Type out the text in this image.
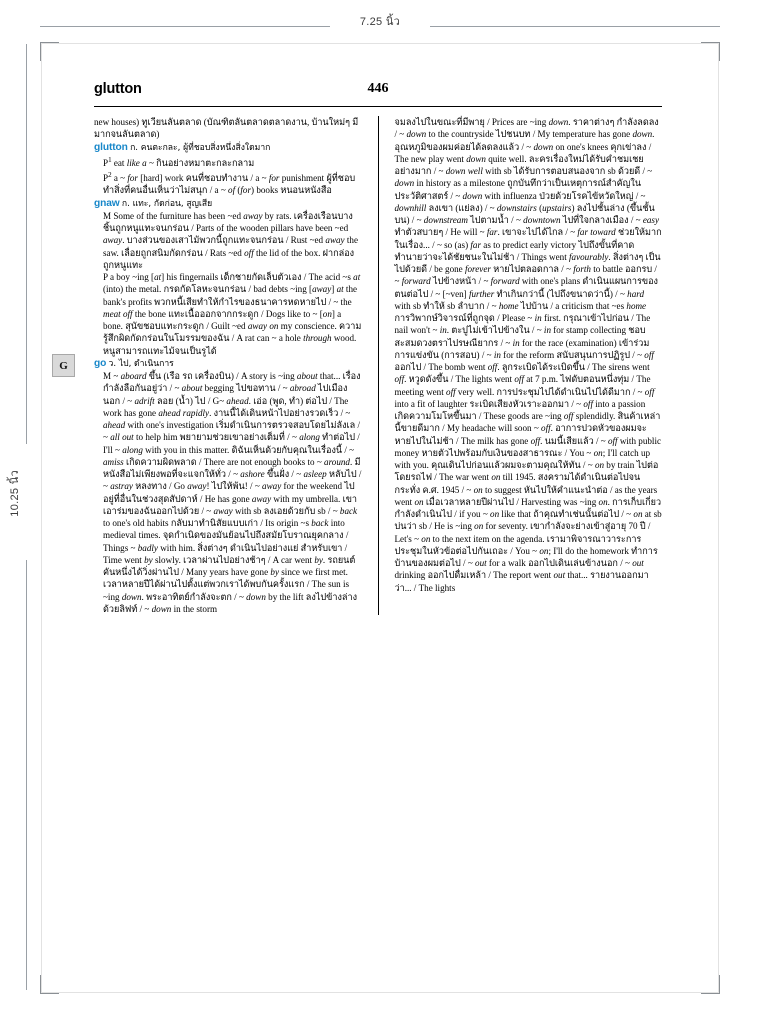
7.25 นิ้ว
10.25 นิ้ว
G
glutton	446

new houses) ทูเวียนลันตลาด (บัณฑิตลันตลาดตลาดงาน, บ้านใหม่ๆ มีมากจนลันตลาด)

glutton ก. คนตะกละ, ผู้ที่ชอบสิ่งหนึ่งสิ่งใดมาก

$P^1$ eat like a ~ กินอย่างหมาตะกละกลาม

$P^2$ a ~ for [hard] work คนที่ชอบทำงาน / a ~ for punishment ผู้ที่ชอบทำสิ่งที่คนอื่นเห็นว่าไม่สนุก / a ~ of (for) books หนอนหนังสือ

gnaw ก. แทะ, กัดก่อน, สูญเสีย

M Some of the furniture has been ~ed away by rats. เครื่องเรือนบางชิ้นถูกหนูแทะจนกร่อน / Parts of the wooden pillars have been ~ed away. บางส่วนของเสาไม้พวกนี้ถูกแทะจนกร่อน / Rust ~ed away the saw. เลื่อยถูกสนิมกัดกร่อน / Rats ~ed off the lid of the box. ฝากล่องถูกหนูแทะ

P a boy ~ing [at] his fingernails เด็กชายกัดเล็บตัวเอง / The acid ~s at (into) the metal. กรดกัดโลหะจนกร่อน / bad debts ~ing [away] at the bank's profits พวกหนี้เสียทำให้กำไรของธนาคารหดหายไป / ~ the meat off the bone แทะเนื้อออกจากกระดูก / Dogs like to ~ [on] a bone. สุนัขชอบแทะกระดูก / Guilt ~ed away on my conscience. ความรู้สึกผิดกัดกร่อนในโมรรมของฉัน / A rat can ~ a hole through wood. หนูสามารถแทะไม้จนเป็นรูได้

go ว. ไป, ดำเนินการ

M ~ aboard ขึ้น (เรือ รถ เครื่องบิน) / A story is ~ing about that... เรื่องกำลังลือกันอยู่ว่า / ~ about begging ไปขอทาน / ~ abroad ไปเมืองนอก / ~ adrift ลอย (น้ำ) ไป / G~ ahead. เอ่อ (พูด, ทำ) ต่อไป / The work has gone ahead rapidly. งานนี้ได้เดินหน้าไปอย่างรวดเร็ว / ~ ahead with one's investigation เริ่มดำเนินการตรวจสอบโดยไม่ลังเล / ~ all out to help him พยายามช่วยเขาอย่างเต็มที่ / ~ along ทำต่อไป / I'll ~ along with you in this matter. ดิฉันเห็นด้วยกับคุณในเรื่องนี้ / ~ amiss เกิดความผิดพลาด / There are not enough books to ~ around. มีหนังสือไม่เพียงพอที่จะแจกให้ทั่ว / ~ ashore ขึ้นฝั่ง / ~ asleep หลับไป / ~ astray หลงทาง / Go away! ไปให้พ้น! / ~ away for the weekend ไปอยู่ที่อื่นในช่วงสุดสัปดาห์ / He has gone away with my umbrella. เขาเอาร่มของฉันออกไปด้วย / ~ away with sb ลงเอยด้วยกับ sb / ~ back to one's old habits กลับมาทำนิสัยแบบเก่า / Its origin ~s back into medieval times. จุดกำเนิดของมันย้อนไปถึงสมัยโบราณยุคกลาง / Things ~ badly with him. สิ่งต่างๆ ดำเนินไปอย่างแย่ สำหรับเขา / Time went by slowly. เวลาผ่านไปอย่างช้าๆ / A car went by. รถยนต์คันหนึ่งได้วิ่งผ่านไป / Many years have gone by since we first met. เวลาหลายปีได้ผ่านไปตั้งแต่พวกเราได้พบกันครั้งแรก / The sun is ~ing down. พระอาทิตย์กำลังจะตก / ~ down by the lift ลงไปข้างล่างด้วยลิฟท์ / ~ down in the storm

จมลงไปในขณะที่มีพายุ / Prices are ~ing down. ราคาต่างๆ กำลังลดลง / ~ down to the countryside ไปชนบท / My temperature has gone down. อุณหภูมิของผมค่อยได้ลดลงแล้ว / ~ down on one's knees คุกเข่าลง / The new play went down quite well. ละครเรื่องใหม่ได้รับคำชมเชยอย่างมาก / ~ down well with sb ได้รับการตอบสนองจาก sb ด้วยดี / ~ down in history as a milestone ถูกบันทึกว่าเป็นเหตุการณ์สำคัญในประวัติศาสตร์ / ~ down with influenza ป่วยด้วยโรคไข้หวัดใหญ่ / ~ downhill ลงเขา (แย่ลง) / ~ downstairs (upstairs) ลงไปชั้นล่าง (ขึ้นชั้นบน) / ~ downstream ไปตามน้ำ / ~ downtown ไปที่ใจกลางเมือง / ~ easy ทำตัวสบายๆ / He will ~ far. เขาจะไปได้ไกล / ~ far toward ช่วยให้มากในเรื่อง... / ~ so (as) far as to predict early victory ไปถึงขั้นที่คาดทำนายว่าจะได้ชัยชนะในไม่ช้า / Things went favourably. สิ่งต่างๆ เป็นไปด้วยดี / be gone forever หายไปตลอดกาล / ~ forth to battle ออกรบ / ~ forward ไปข้างหน้า / ~ forward with one's plans ดำเนินแผนการของตนต่อไป / ~ [~ven] further ทำเกินกว่านี้ (ไปถึงขนาดว่านี้) / ~ hard with sb ทำให้ sb ลำบาก / ~ home ไปบ้าน / a criticism that ~es home การวิพากษ์วิจารณ์ที่ถูกจุด / Please ~ in first. กรุณาเข้าไปก่อน / The nail won't ~ in. ตะปูไม่เข้าไปข้างใน / ~ in for stamp collecting ชอบสะสมดวงตราไปรษณียากร / ~ in for the race (examination) เข้าร่วมการแข่งขัน (การสอบ) / ~ in for the reform สนับสนุนการปฏิรูป / ~ off ออกไป / The bomb went off. ลูกระเบิดได้ระเบิดขึ้น / The sirens went off. หวูดดังขึ้น / The lights went off at 7 p.m. ไฟดับตอนหนึ่งทุ่ม / The meeting went off very well. การประชุมไปได้ดำเนินไปได้ดีมาก / ~ off into a fit of laughter ระเบิดเสียงหัวเราะออกมา / ~ off into a passion เกิดความโมโหขึ้นมา / These goods are ~ing off splendidly. สินค้าเหล่านี้ขายดีมาก / My headache will soon ~ off. อาการปวดหัวของผมจะหายไปในไม่ช้า / The milk has gone off. นมนี้เสียแล้ว / ~ off with public money หายตัวไปพร้อมกับเงินของสาธารณะ / You ~ on; I'll catch up with you. คุณเดินไปก่อนแล้วผมจะตามคุณให้ทัน / ~ on by train ไปต่อโดยรถไฟ / The war went on till 1945. สงครามได้ดำเนินต่อไปจนกระทั่ง ค.ศ. 1945 / ~ on to suggest หันไปให้คำแนะนำต่อ / as the years went on เมื่อเวลาหลายปีผ่านไป / Harvesting was ~ing on. การเก็บเกี่ยวกำลังดำเนินไป / if you ~ on like that ถ้าคุณทำเช่นนั้นต่อไป / ~ on at sb บ่นว่า sb / He is ~ing on for seventy. เขากำลังจะย่างเข้าสู่อายุ 70 ปี / Let's ~ on to the next item on the agenda. เรามาพิจารณาวาระการประชุมในหัวข้อต่อไปกันเถอะ / You ~ on; I'll do the homework ทำการบ้านของผมต่อไป / ~ out for a walk ออกไปเดินเล่นข้างนอก / ~ out drinking ออกไปดื่มเหล้า / The report went out that... รายงานออกมาว่า... / The lights
